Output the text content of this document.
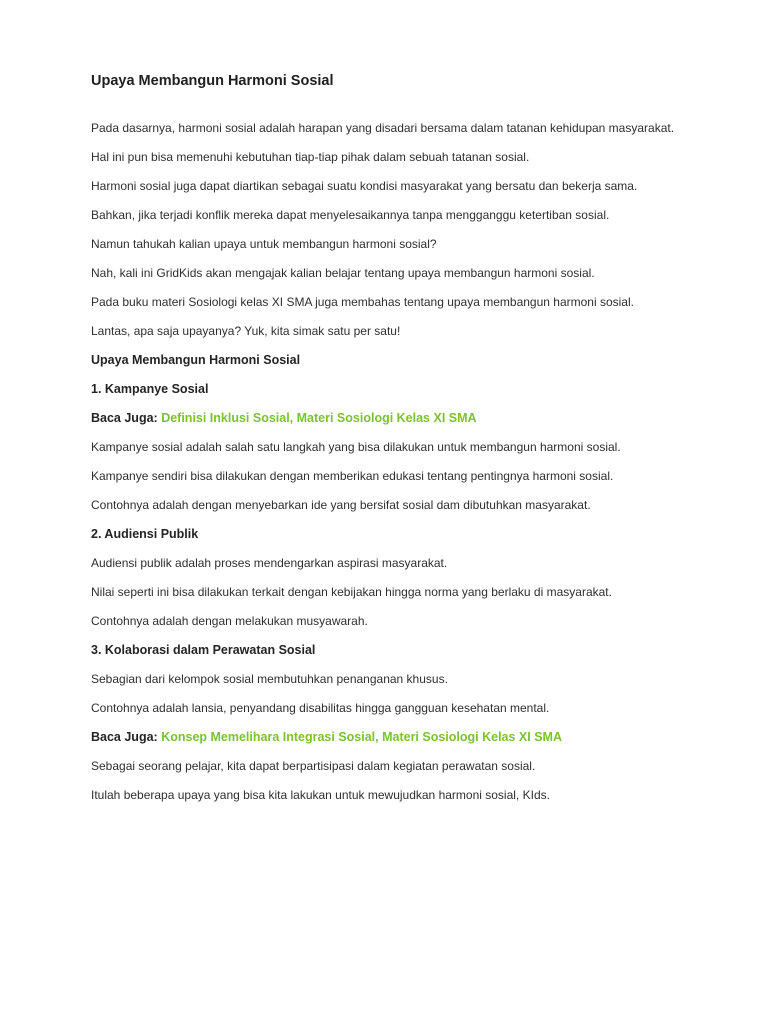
Upaya Membangun Harmoni Sosial

Pada dasarnya, harmoni sosial adalah harapan yang disadari bersama dalam tatanan kehidupan masyarakat.

Hal ini pun bisa memenuhi kebutuhan tiap-tiap pihak dalam sebuah tatanan sosial.

Harmoni sosial juga dapat diartikan sebagai suatu kondisi masyarakat yang bersatu dan bekerja sama.

Bahkan, jika terjadi konflik mereka dapat menyelesaikannya tanpa mengganggu ketertiban sosial.

Namun tahukah kalian upaya untuk membangun harmoni sosial?

Nah, kali ini GridKids akan mengajak kalian belajar tentang upaya membangun harmoni sosial.

Pada buku materi Sosiologi kelas XI SMA juga membahas tentang upaya membangun harmoni sosial.

Lantas, apa saja upayanya? Yuk, kita simak satu per satu!

Upaya Membangun Harmoni Sosial

1. Kampanye Sosial

Baca Juga: Definisi Inklusi Sosial, Materi Sosiologi Kelas XI SMA

Kampanye sosial adalah salah satu langkah yang bisa dilakukan untuk membangun harmoni sosial.

Kampanye sendiri bisa dilakukan dengan memberikan edukasi tentang pentingnya harmoni sosial.

Contohnya adalah dengan menyebarkan ide yang bersifat sosial dam dibutuhkan masyarakat.

2. Audiensi Publik

Audiensi publik adalah proses mendengarkan aspirasi masyarakat.

Nilai seperti ini bisa dilakukan terkait dengan kebijakan hingga norma yang berlaku di masyarakat.

Contohnya adalah dengan melakukan musyawarah.

3. Kolaborasi dalam Perawatan Sosial

Sebagian dari kelompok sosial membutuhkan penanganan khusus.

Contohnya adalah lansia, penyandang disabilitas hingga gangguan kesehatan mental.

Baca Juga: Konsep Memelihara Integrasi Sosial, Materi Sosiologi Kelas XI SMA

Sebagai seorang pelajar, kita dapat berpartisipasi dalam kegiatan perawatan sosial.

Itulah beberapa upaya yang bisa kita lakukan untuk mewujudkan harmoni sosial, KIds.
